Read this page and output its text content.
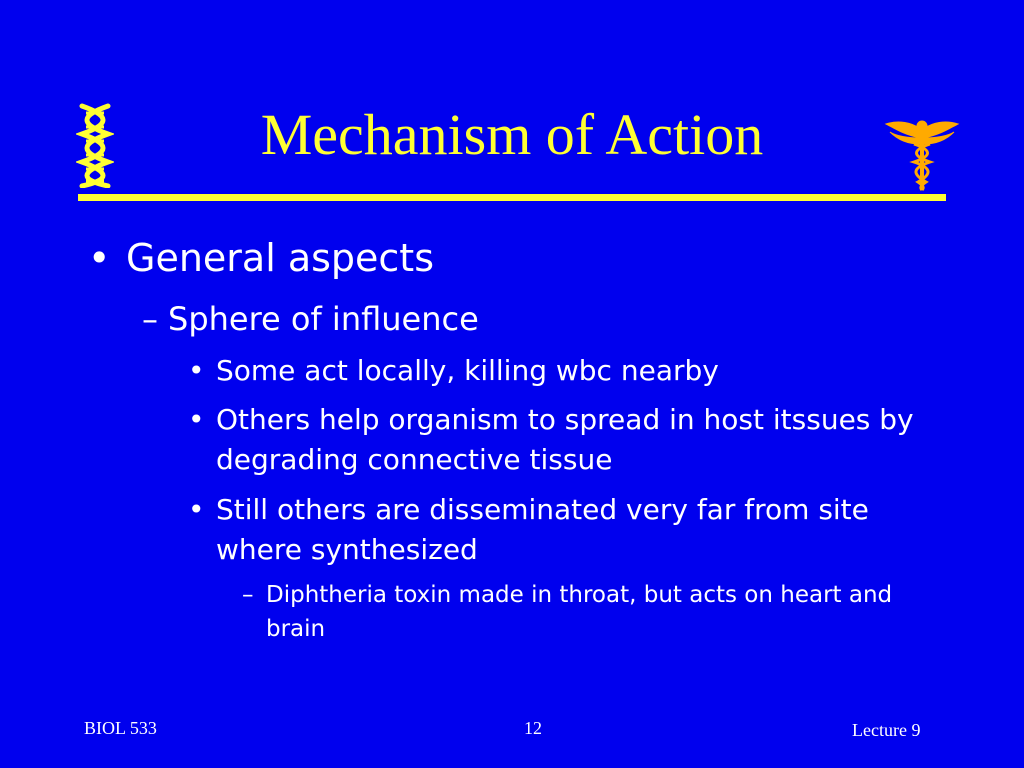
Mechanism of Action
• General aspects
– Sphere of influence
• Some act locally, killing wbc nearby
• Others help organism to spread in host itssues by
degrading connective tissue
• Still others are disseminated very far from site
where synthesized
– Diphtheria toxin made in throat, but acts on heart and
brain
BIOL 533	12	Lecture 9
